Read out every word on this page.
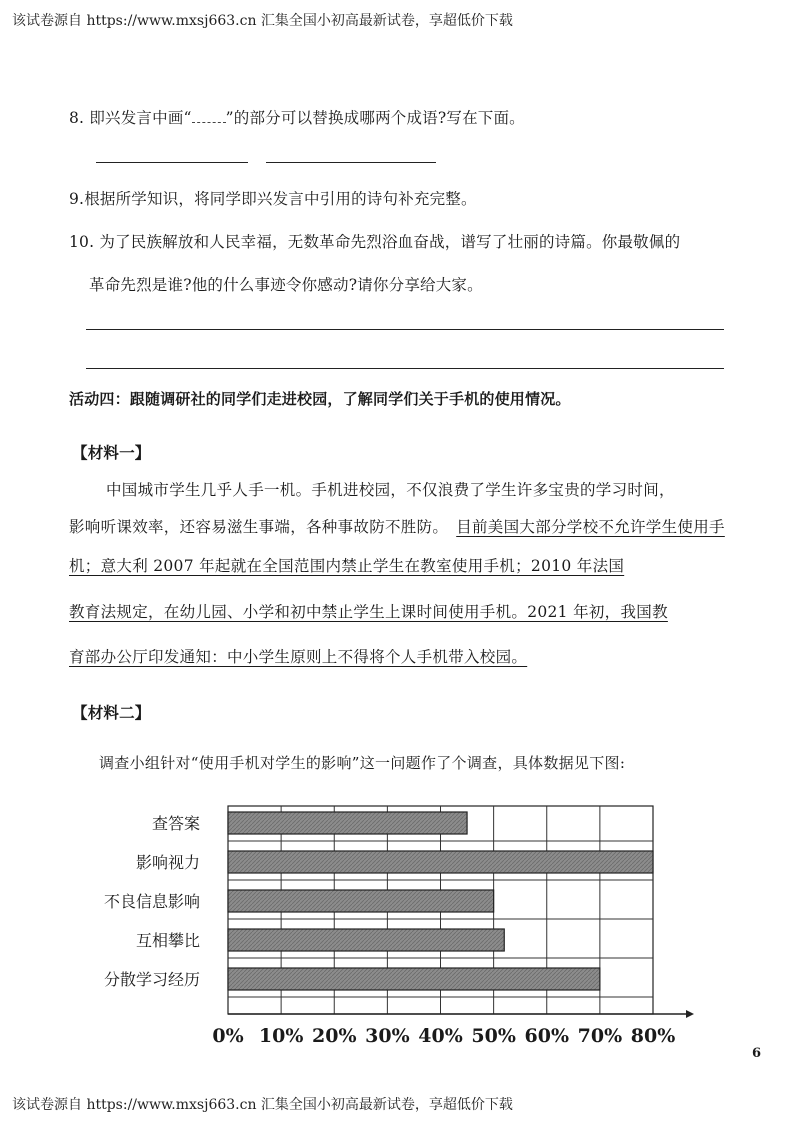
该试卷源自 https://www.mxsj663.cn 汇集全国小初高最新试卷，享超低价下载
8. 即兴发言中画“ ”的部分可以替换成哪两个成语?写在下面。
9.根据所学知识，将同学即兴发言中引用的诗句补充完整。
10. 为了民族解放和人民幸福，无数革命先烈浴血奋战，谱写了壮丽的诗篇。你最敬佩的
革命先烈是谁?他的什么事迹令你感动?请你分享给大家。
活动四：跟随调研社的同学们走进校园，了解同学们关于手机的使用情况。
【材料一】
中国城市学生几乎人手一机。手机进校园，不仅浪费了学生许多宝贵的学习时间，
影响听课效率，还容易滋生事端，各种事故防不胜防。 目前美国大部分学校不允许学生使用手
机；意大利 2007 年起就在全国范围内禁止学生在教室使用手机；2010 年法国
教育法规定，在幼儿园、小学和初中禁止学生上课时间使用手机。2021 年初，我国教
育部办公厅印发通知：中小学生原则上不得将个人手机带入校园。
【材料二】
调查小组针对“使用手机对学生的影响”这一问题作了个调查，具体数据见下图:
查答案
影响视力
不良信息影响
互相攀比
分散学习经历
0% 10% 20% 30% 40% 50% 60% 70% 80%
6
该试卷源自 https://www.mxsj663.cn 汇集全国小初高最新试卷，享超低价下载
